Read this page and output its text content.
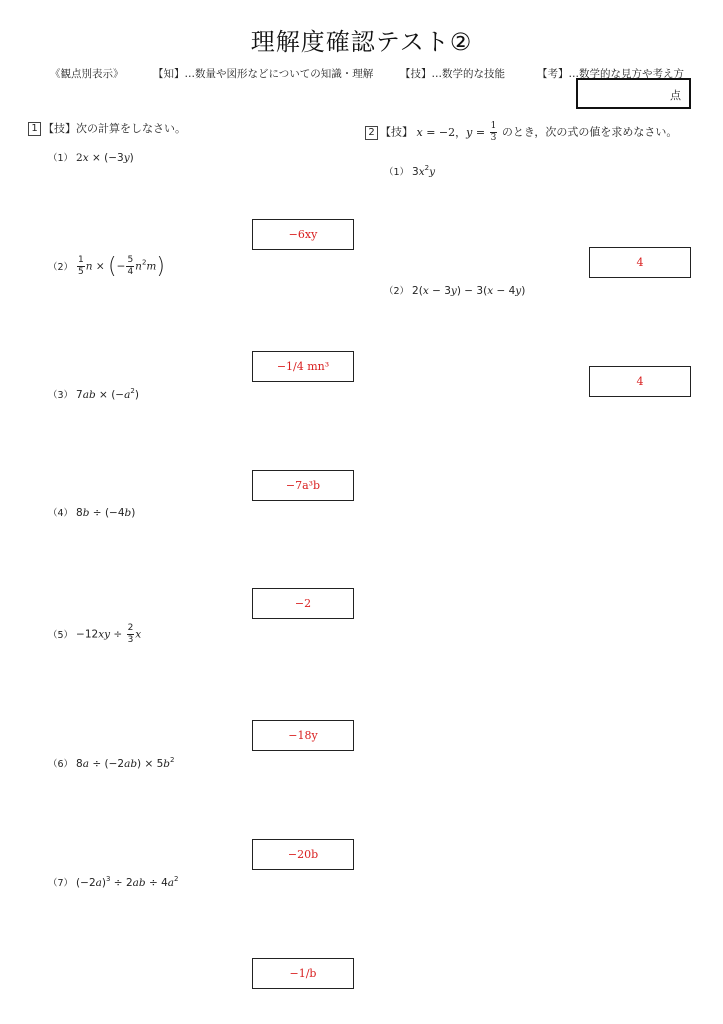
理解度確認テスト②
《観点別表示》	【知】…数量や図形などについての知識・理解	【技】…数学的な技能	【考】…数学的な見方や考え方
点
1 【技】次の計算をしなさい。
（1） 2x × (−3y)
−6xy
$(2) \frac{1}{5}$ n × (− $\frac{5}{4} n^2m$)
−1/4 mn³
（3） $7ab \times (-a^2)$
−7a³b
（4） 8b ÷ (−4b)
−2
$(5) -12xy \div \frac{2}{3}$ x
−18y
（6） $8a \div (-2ab) \times 5b^2$
−20b
（7） $(-2a)^3 \div 2ab \div 4a^2$
−1/b
2 【技】 x = −2，$y = \frac{1}{3}$ のとき，次の式の値を求めなさい。
（1） $3x^2y$
4
（2） 2(x − 3y) − 3(x − 4y)
4
